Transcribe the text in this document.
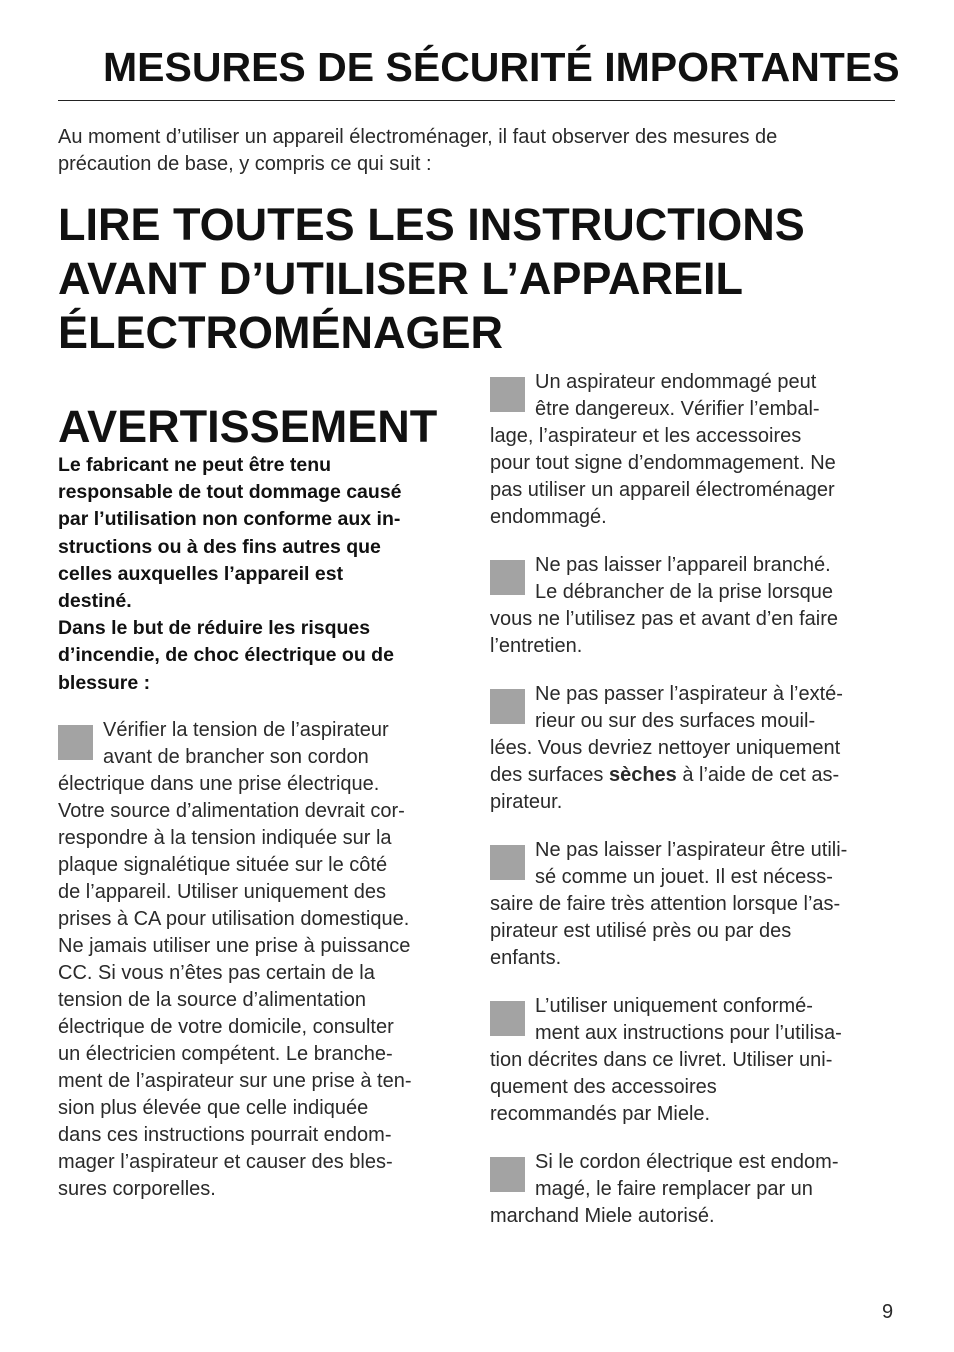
MESURES DE SÉCURITÉ IMPORTANTES

Au moment d’utiliser un appareil électroménager, il faut observer des mesures de
précaution de base, y compris ce qui suit :

LIRE TOUTES LES INSTRUCTIONS
AVANT D’UTILISER L’APPAREIL
ÉLECTROMÉNAGER
AVERTISSEMENT

Le fabricant ne peut être tenu
responsable de tout dommage causé
par l’utilisation non conforme aux in-
structions ou à des fins autres que
celles auxquelles l’appareil est
destiné.
Dans le but de réduire les risques
d’incendie, de choc électrique ou de
blessure :

Vérifier la tension de l’aspirateur
avant de brancher son cordon
électrique dans une prise électrique.
Votre source d’alimentation devrait cor-
respondre à la tension indiquée sur la
plaque signalétique située sur le côté
de l’appareil. Utiliser uniquement des
prises à CA pour utilisation domestique.
Ne jamais utiliser une prise à puissance
CC. Si vous n’êtes pas certain de la
tension de la source d’alimentation
électrique de votre domicile, consulter
un électricien compétent. Le branche-
ment de l’aspirateur sur une prise à ten-
sion plus élevée que celle indiquée
dans ces instructions pourrait endom-
mager l’aspirateur et causer des bles-
sures corporelles.

Un aspirateur endommagé peut
être dangereux. Vérifier l’embal-
lage, l’aspirateur et les accessoires
pour tout signe d’endommagement. Ne
pas utiliser un appareil électroménager
endommagé.

Ne pas laisser l’appareil branché.
Le débrancher de la prise lorsque
vous ne l’utilisez pas et avant d’en faire
l’entretien.

Ne pas passer l’aspirateur à l’exté-
rieur ou sur des surfaces mouil-
lées. Vous devriez nettoyer uniquement
des surfaces sèches à l’aide de cet as-
pirateur.

Ne pas laisser l’aspirateur être utili-
sé comme un jouet. Il est nécess-
saire de faire très attention lorsque l’as-
pirateur est utilisé près ou par des
enfants.

L’utiliser uniquement conformé-
ment aux instructions pour l’utilisa-
tion décrites dans ce livret. Utiliser uni-
quement des accessoires
recommandés par Miele.

Si le cordon électrique est endom-
magé, le faire remplacer par un
marchand Miele autorisé.

9
